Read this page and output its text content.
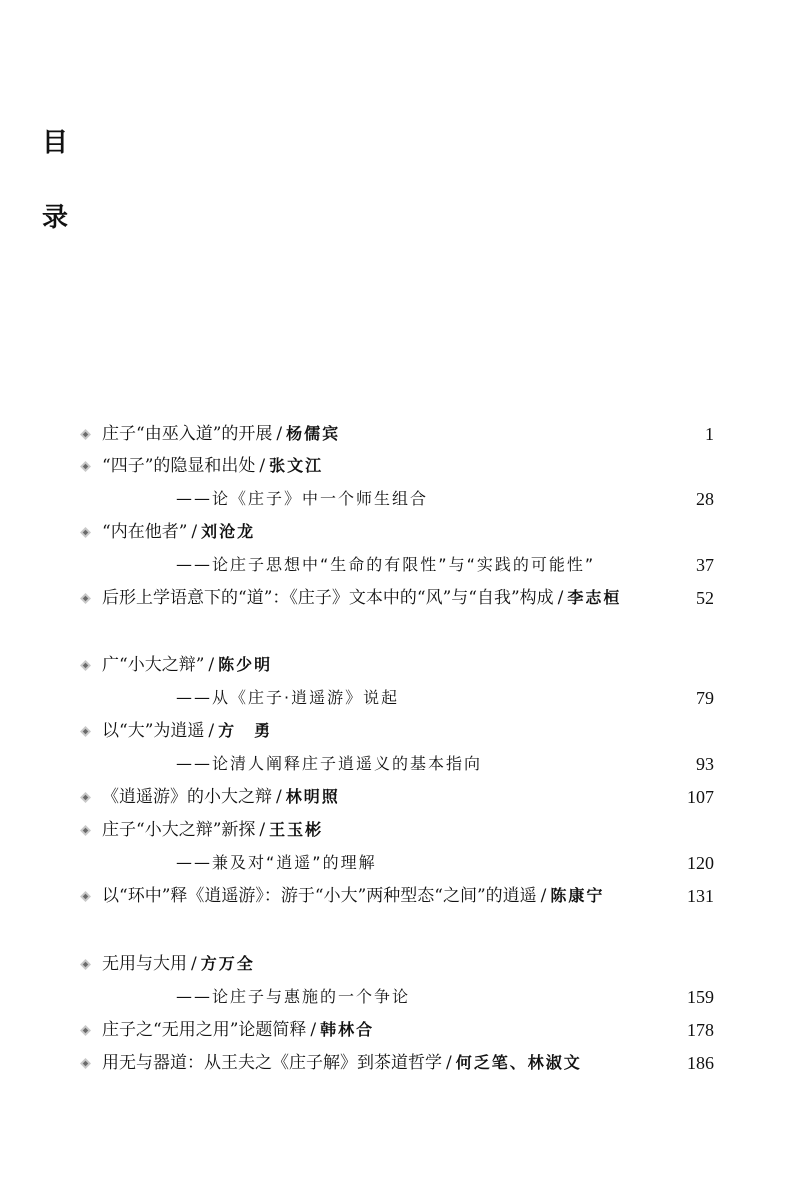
目
录
庄子“由巫入道”的开展 / 杨儒宾	1
“四子”的隐显和出处 / 张文江
——论《庄子》中一个师生组合	28
“内在他者” / 刘沧龙
——论庄子思想中“生命的有限性”与“实践的可能性”	37
后形上学语意下的“道”：《庄子》文本中的“风”与“自我”构成 / 李志桓	52
广“小大之辩” / 陈少明
——从《庄子·逍遥游》说起	79
以“大”为逍遥 / 方　勇
——论清人阐释庄子逍遥义的基本指向	93
《逍遥游》的小大之辩 / 林明照	107
庄子“小大之辩”新探 / 王玉彬
——兼及对“逍遥”的理解	120
以“环中”释《逍遥游》：游于“小大”两种型态“之间”的逍遥 / 陈康宁	131
无用与大用 / 方万全
——论庄子与惠施的一个争论	159
庄子之“无用之用”论题简释 / 韩林合	178
用无与器道：从王夫之《庄子解》到茶道哲学 / 何乏笔、林淑文	186
